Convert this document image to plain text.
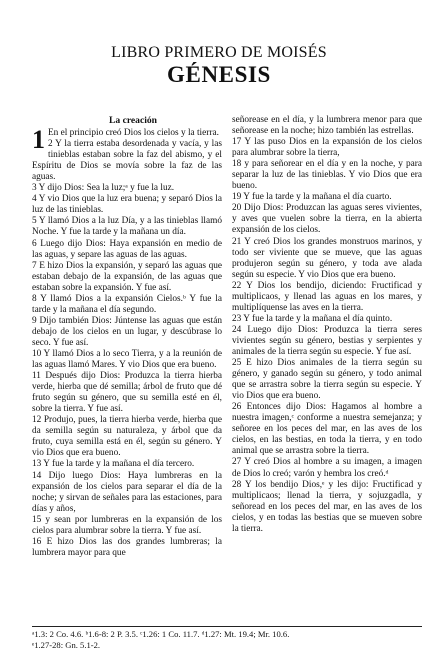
LIBRO PRIMERO DE MOISÉS
GÉNESIS
La creación

1 En el principio creó Dios los cielos y la tierra.

2 Y la tierra estaba desordenada y vacía, y las tinieblas estaban sobre la faz del abismo, y el Espíritu de Dios se movía sobre la faz de las aguas.

3 Y dijo Dios: Sea la luz;ᵃ y fue la luz.

4 Y vio Dios que la luz era buena; y separó Dios la luz de las tinieblas.

5 Y llamó Dios a la luz Día, y a las tinieblas llamó Noche. Y fue la tarde y la mañana un día.

6 Luego dijo Dios: Haya expansión en medio de las aguas, y separe las aguas de las aguas.

7 E hizo Dios la expansión, y separó las aguas que estaban debajo de la expansión, de las aguas que estaban sobre la expansión. Y fue así.

8 Y llamó Dios a la expansión Cielos.ᵇ Y fue la tarde y la mañana el día segundo.

9 Dijo también Dios: Júntense las aguas que están debajo de los cielos en un lugar, y descúbrase lo seco. Y fue así.

10 Y llamó Dios a lo seco Tierra, y a la reunión de las aguas llamó Mares. Y vio Dios que era bueno.

11 Después dijo Dios: Produzca la tierra hierba verde, hierba que dé semilla; árbol de fruto que dé fruto según su género, que su semilla esté en él, sobre la tierra. Y fue así.

12 Produjo, pues, la tierra hierba verde, hierba que da semilla según su naturaleza, y árbol que da fruto, cuya semilla está en él, según su género. Y vio Dios que era bueno.

13 Y fue la tarde y la mañana el día tercero.

14 Dijo luego Dios: Haya lumbreras en la expansión de los cielos para separar el día de la noche; y sirvan de señales para las estaciones, para días y años,

15 y sean por lumbreras en la expansión de los cielos para alumbrar sobre la tierra. Y fue así.

16 E hizo Dios las dos grandes lumbreras; la lumbrera mayor para que

señorease en el día, y la lumbrera menor para que señorease en la noche; hizo también las estrellas.

17 Y las puso Dios en la expansión de los cielos para alumbrar sobre la tierra,

18 y para señorear en el día y en la noche, y para separar la luz de las tinieblas. Y vio Dios que era bueno.

19 Y fue la tarde y la mañana el día cuarto.

20 Dijo Dios: Produzcan las aguas seres vivientes, y aves que vuelen sobre la tierra, en la abierta expansión de los cielos.

21 Y creó Dios los grandes monstruos marinos, y todo ser viviente que se mueve, que las aguas produjeron según su género, y toda ave alada según su especie. Y vio Dios que era bueno.

22 Y Dios los bendijo, diciendo: Fructificad y multiplicaos, y llenad las aguas en los mares, y multiplíquense las aves en la tierra.

23 Y fue la tarde y la mañana el día quinto.

24 Luego dijo Dios: Produzca la tierra seres vivientes según su género, bestias y serpientes y animales de la tierra según su especie. Y fue así.

25 E hizo Dios animales de la tierra según su género, y ganado según su género, y todo animal que se arrastra sobre la tierra según su especie. Y vio Dios que era bueno.

26 Entonces dijo Dios: Hagamos al hombre a nuestra imagen,ᶜ conforme a nuestra semejanza; y señoree en los peces del mar, en las aves de los cielos, en las bestias, en toda la tierra, y en todo animal que se arrastra sobre la tierra.

27 Y creó Dios al hombre a su imagen, a imagen de Dios lo creó; varón y hembra los creó.ᵈ

28 Y los bendijo Dios,ᵉ y les dijo: Fructificad y multiplicaos; llenad la tierra, y sojuzgadla, y señoread en los peces del mar, en las aves de los cielos, y en todas las bestias que se mueven sobre la tierra.

ᵃ1.3: 2 Co. 4.6. ᵇ1.6-8: 2 P. 3.5. ᶜ1.26: 1 Co. 11.7. ᵈ1.27: Mt. 19.4; Mr. 10.6.
ᵉ1.27-28: Gn. 5.1-2.
